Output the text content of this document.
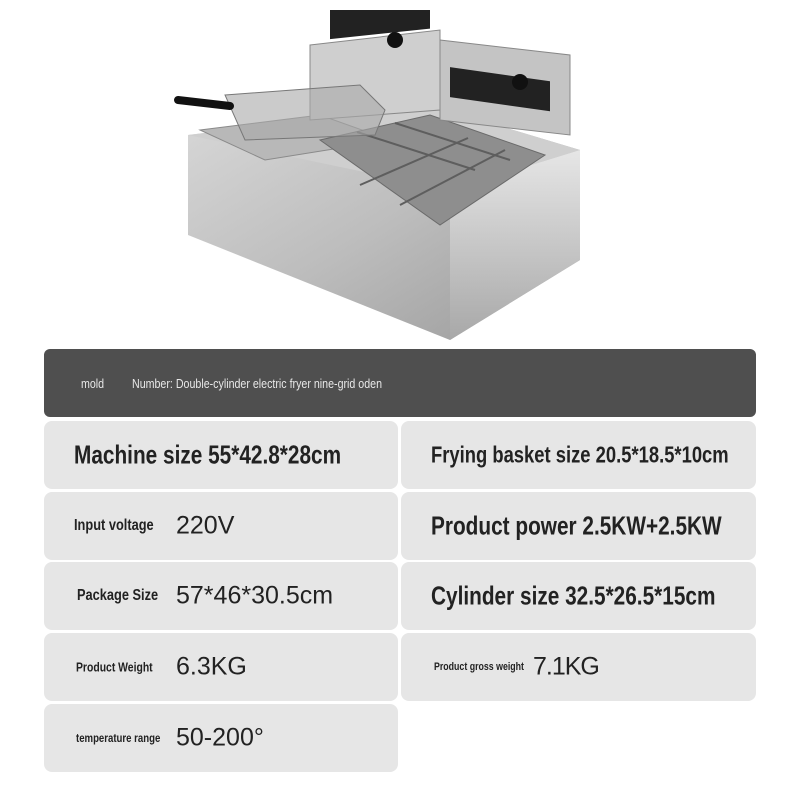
mold Number: Double-cylinder electric fryer nine-grid oden
Machine size 55*42.8*28cm	Frying basket size 20.5*18.5*10cm
Input voltage 220V	Product power 2.5KW+2.5KW
Package Size 57*46*30.5cm	Cylinder size 32.5*26.5*15cm
Product Weight 6.3KG	Product gross weight 7.1KG
temperature range 50-200°
